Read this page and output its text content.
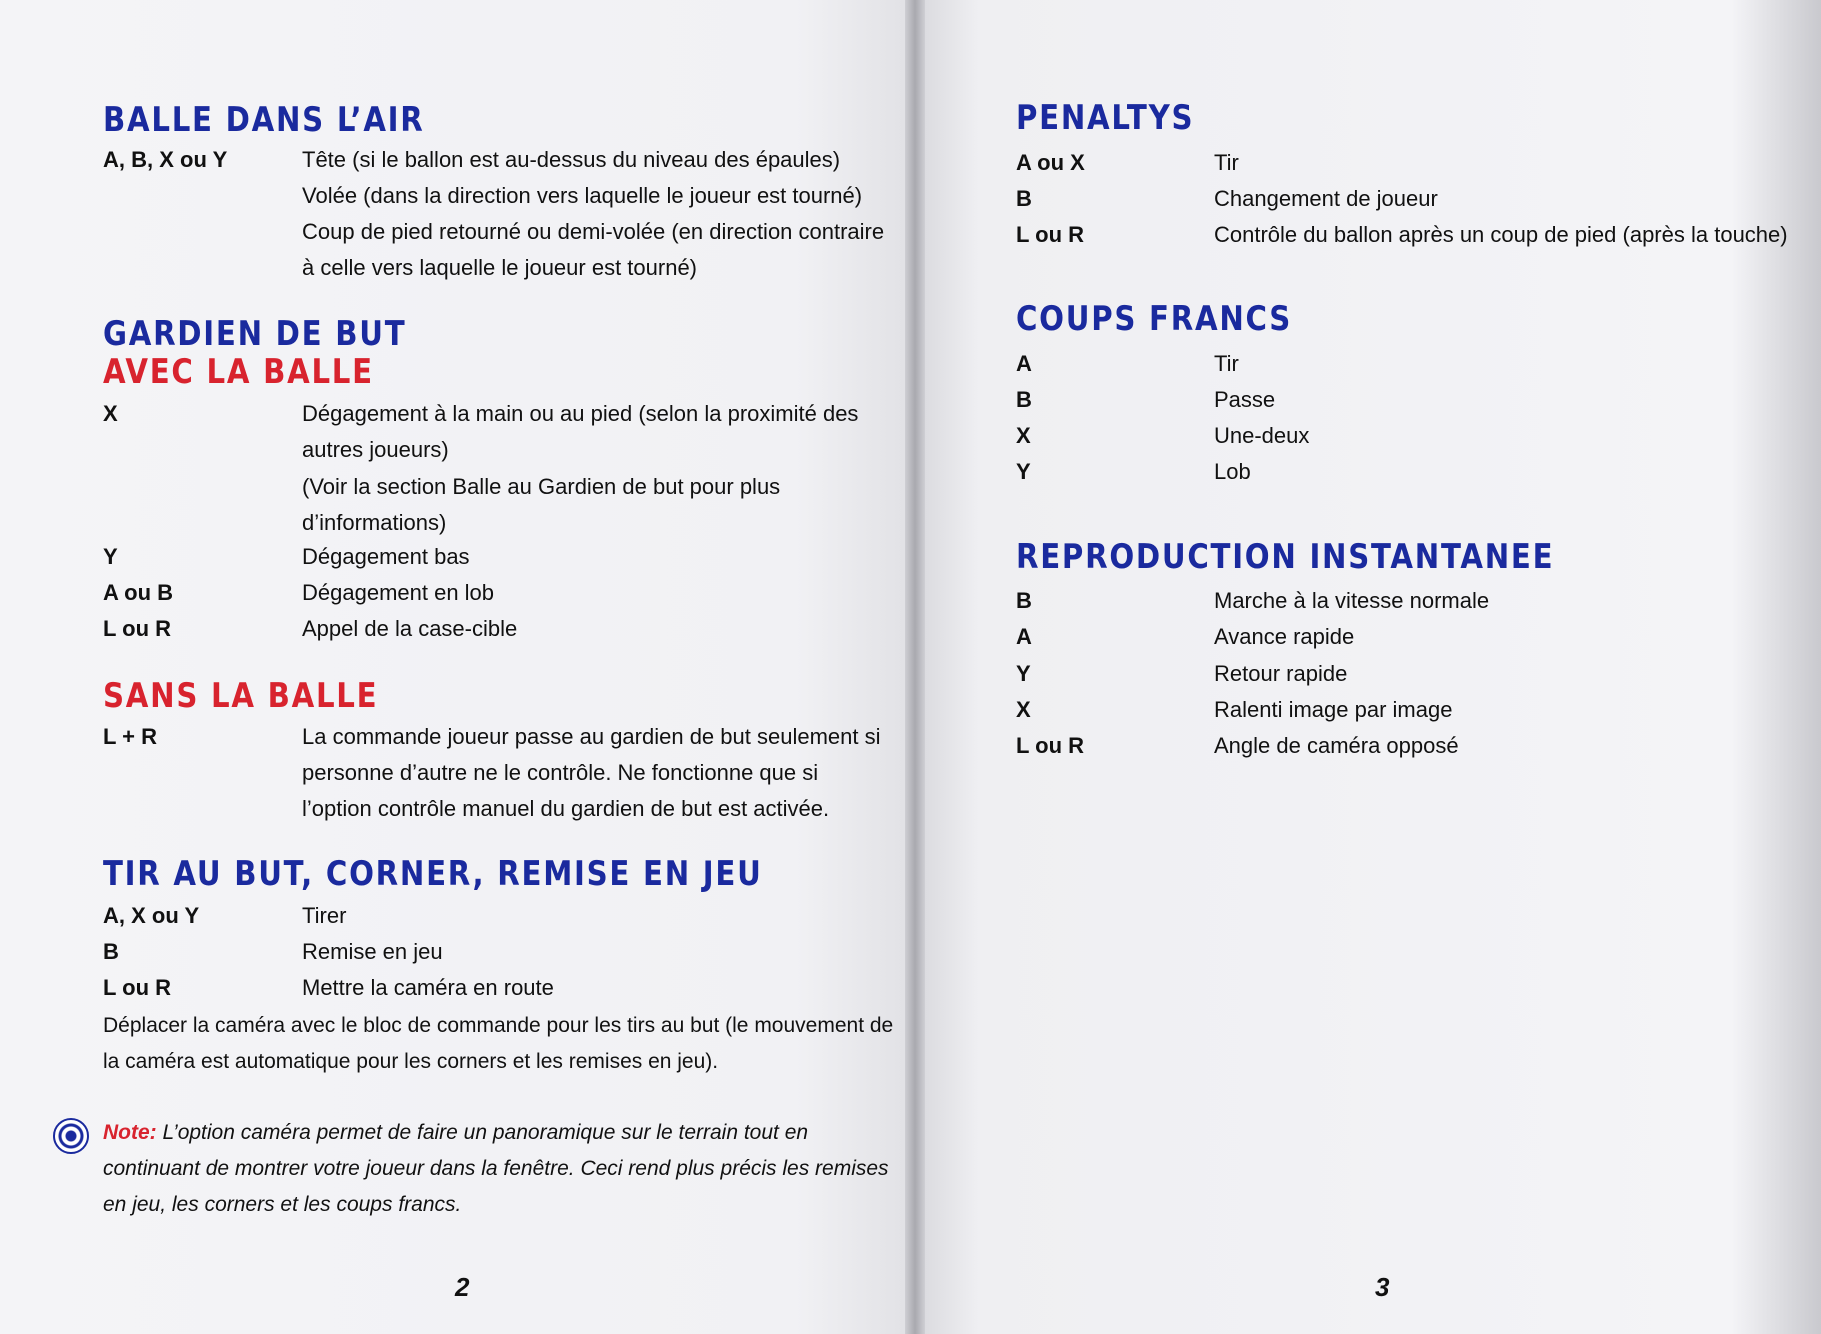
BALLE DANS L’AIR
A, B, X ou Y	Tête (si le ballon est au-dessus du niveau des épaules)
Volée (dans la direction vers laquelle le joueur est tourné)
Coup de pied retourné ou demi-volée (en direction contraire
à celle vers laquelle le joueur est tourné)
GARDIEN DE BUT
AVEC LA BALLE
X	Dégagement à la main ou au pied (selon la proximité des
autres joueurs)
(Voir la section Balle au Gardien de but pour plus
d’informations)
Y	Dégagement bas
A ou B	Dégagement en lob
L ou R	Appel de la case-cible
SANS LA BALLE
L + R	La commande joueur passe au gardien de but seulement si
personne d’autre ne le contrôle. Ne fonctionne que si
l’option contrôle manuel du gardien de but est activée.
TIR AU BUT, CORNER, REMISE EN JEU
A, X ou Y	Tirer
B	Remise en jeu
L ou R	Mettre la caméra en route
Déplacer la caméra avec le bloc de commande pour les tirs au but (le mouvement de
la caméra est automatique pour les corners et les remises en jeu).
Note: L’option caméra permet de faire un panoramique sur le terrain tout en
continuant de montrer votre joueur dans la fenêtre. Ceci rend plus précis les remises
en jeu, les corners et les coups francs.
2
PENALTYS
A ou X	Tir
B	Changement de joueur
L ou R	Contrôle du ballon après un coup de pied (après la touche)
COUPS FRANCS
A	Tir
B	Passe
X	Une-deux
Y	Lob
REPRODUCTION INSTANTANEE
B	Marche à la vitesse normale
A	Avance rapide
Y	Retour rapide
X	Ralenti image par image
L ou R	Angle de caméra opposé
3
